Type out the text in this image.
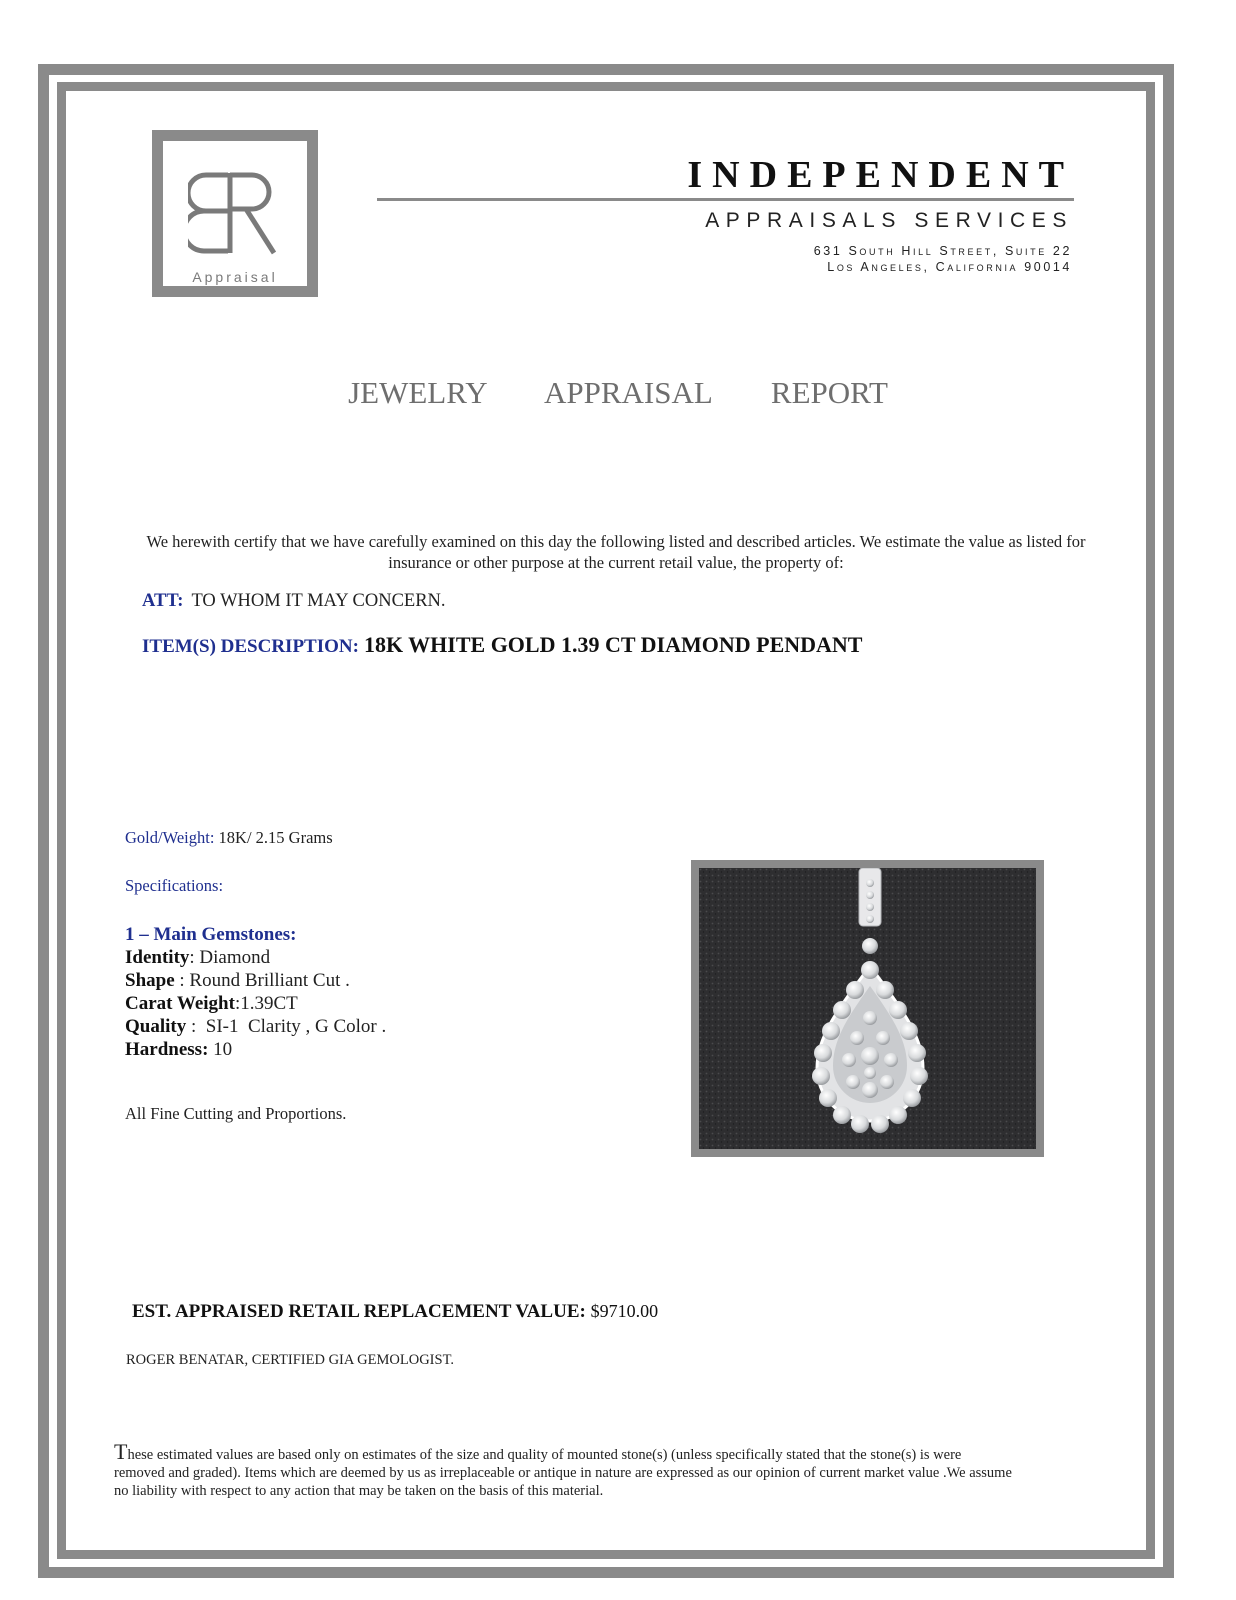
Appraisal
INDEPENDENT
APPRAISALS SERVICES
631 South Hill Street, Suite 22
Los Angeles, California 90014
JEWELRY   APPRAISAL   REPORT
We herewith certify that we have carefully examined on this day the following listed and described articles. We estimate the value as listed for insurance or other purpose at the current retail value, the property of:
ATT: TO WHOM IT MAY CONCERN.
ITEM(S) DESCRIPTION: 18K WHITE GOLD 1.39 CT DIAMOND PENDANT
Gold/Weight: 18K/ 2.15 Grams
Specifications:
1 – Main Gemstones:
Identity: Diamond
Shape : Round Brilliant Cut .
Carat Weight:1.39CT
Quality :  SI-1  Clarity , G Color .
Hardness: 10
All Fine Cutting and Proportions.
EST. APPRAISED RETAIL REPLACEMENT VALUE: $9710.00
ROGER BENATAR, CERTIFIED GIA GEMOLOGIST.
These estimated values are based only on estimates of the size and quality of mounted stone(s) (unless specifically stated that the stone(s) is were removed and graded). Items which are deemed by us as irreplaceable or antique in nature are expressed as our opinion of current market value .We assume no liability with respect to any action that may be taken on the basis of this material.
